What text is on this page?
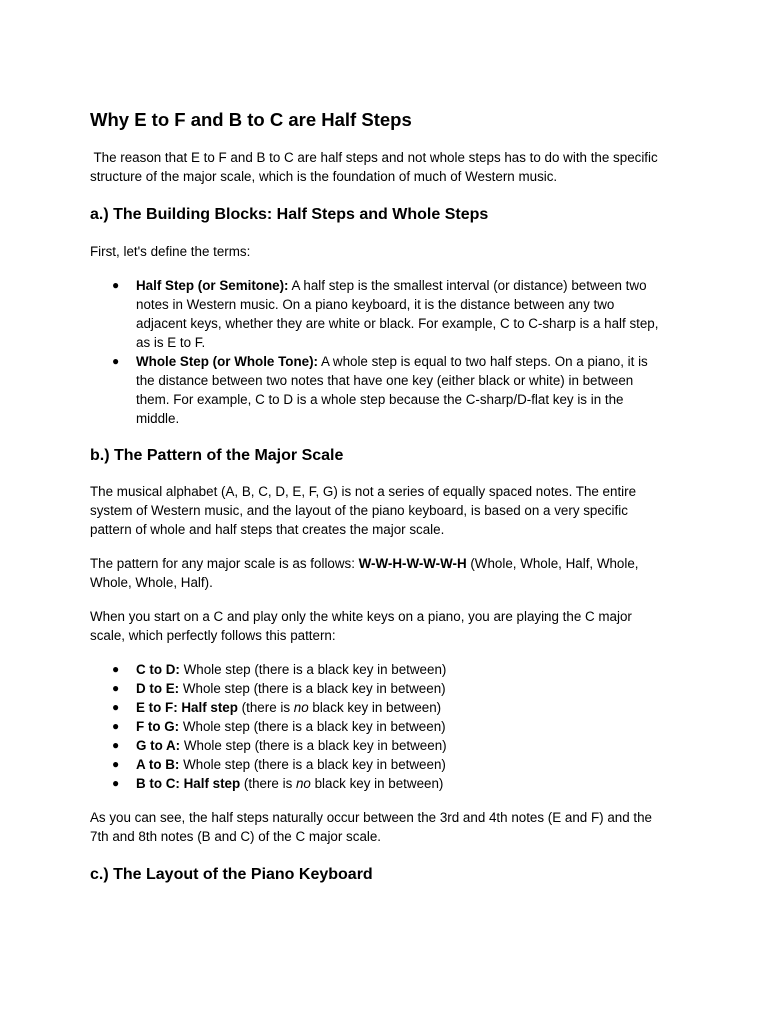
Why E to F and B to C are Half Steps

The reason that E to F and B to C are half steps and not whole steps has to do with the specific
structure of the major scale, which is the foundation of much of Western music.

a.) The Building Blocks: Half Steps and Whole Steps

First, let's define the terms:

● Half Step (or Semitone): A half step is the smallest interval (or distance) between two
notes in Western music. On a piano keyboard, it is the distance between any two
adjacent keys, whether they are white or black. For example, C to C-sharp is a half step,
as is E to F.
● Whole Step (or Whole Tone): A whole step is equal to two half steps. On a piano, it is
the distance between two notes that have one key (either black or white) in between
them. For example, C to D is a whole step because the C-sharp/D-flat key is in the
middle.
b.) The Pattern of the Major Scale

The musical alphabet (A, B, C, D, E, F, G) is not a series of equally spaced notes. The entire
system of Western music, and the layout of the piano keyboard, is based on a very specific
pattern of whole and half steps that creates the major scale.

The pattern for any major scale is as follows: W-W-H-W-W-W-H (Whole, Whole, Half, Whole,
Whole, Whole, Half).

When you start on a C and play only the white keys on a piano, you are playing the C major
scale, which perfectly follows this pattern:

● C to D: Whole step (there is a black key in between)
● D to E: Whole step (there is a black key in between)
● E to F: Half step (there is no black key in between)
● F to G: Whole step (there is a black key in between)
● G to A: Whole step (there is a black key in between)
● A to B: Whole step (there is a black key in between)
● B to C: Half step (there is no black key in between)

As you can see, the half steps naturally occur between the 3rd and 4th notes (E and F) and the
7th and 8th notes (B and C) of the C major scale.

c.) The Layout of the Piano Keyboard
